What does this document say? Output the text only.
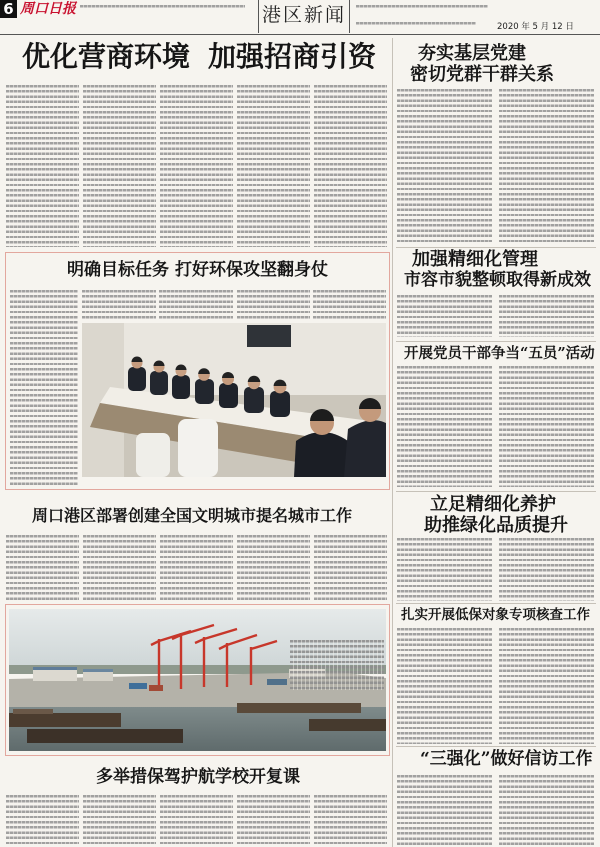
6 周口日报	港区新闻
2020 年 5 月 12 日
优化营商环境 加强招商引资
明确目标任务 打好环保攻坚翻身仗
夯实基层党建
密切党群干群关系
加强精细化管理
市容市貌整顿取得新成效
开展党员干部争当“五员”活动
周口港区部署创建全国文明城市提名城市工作
立足精细化养护
助推绿化品质提升
扎实开展低保对象专项核查工作
“三强化”做好信访工作
多举措保驾护航学校开复课
